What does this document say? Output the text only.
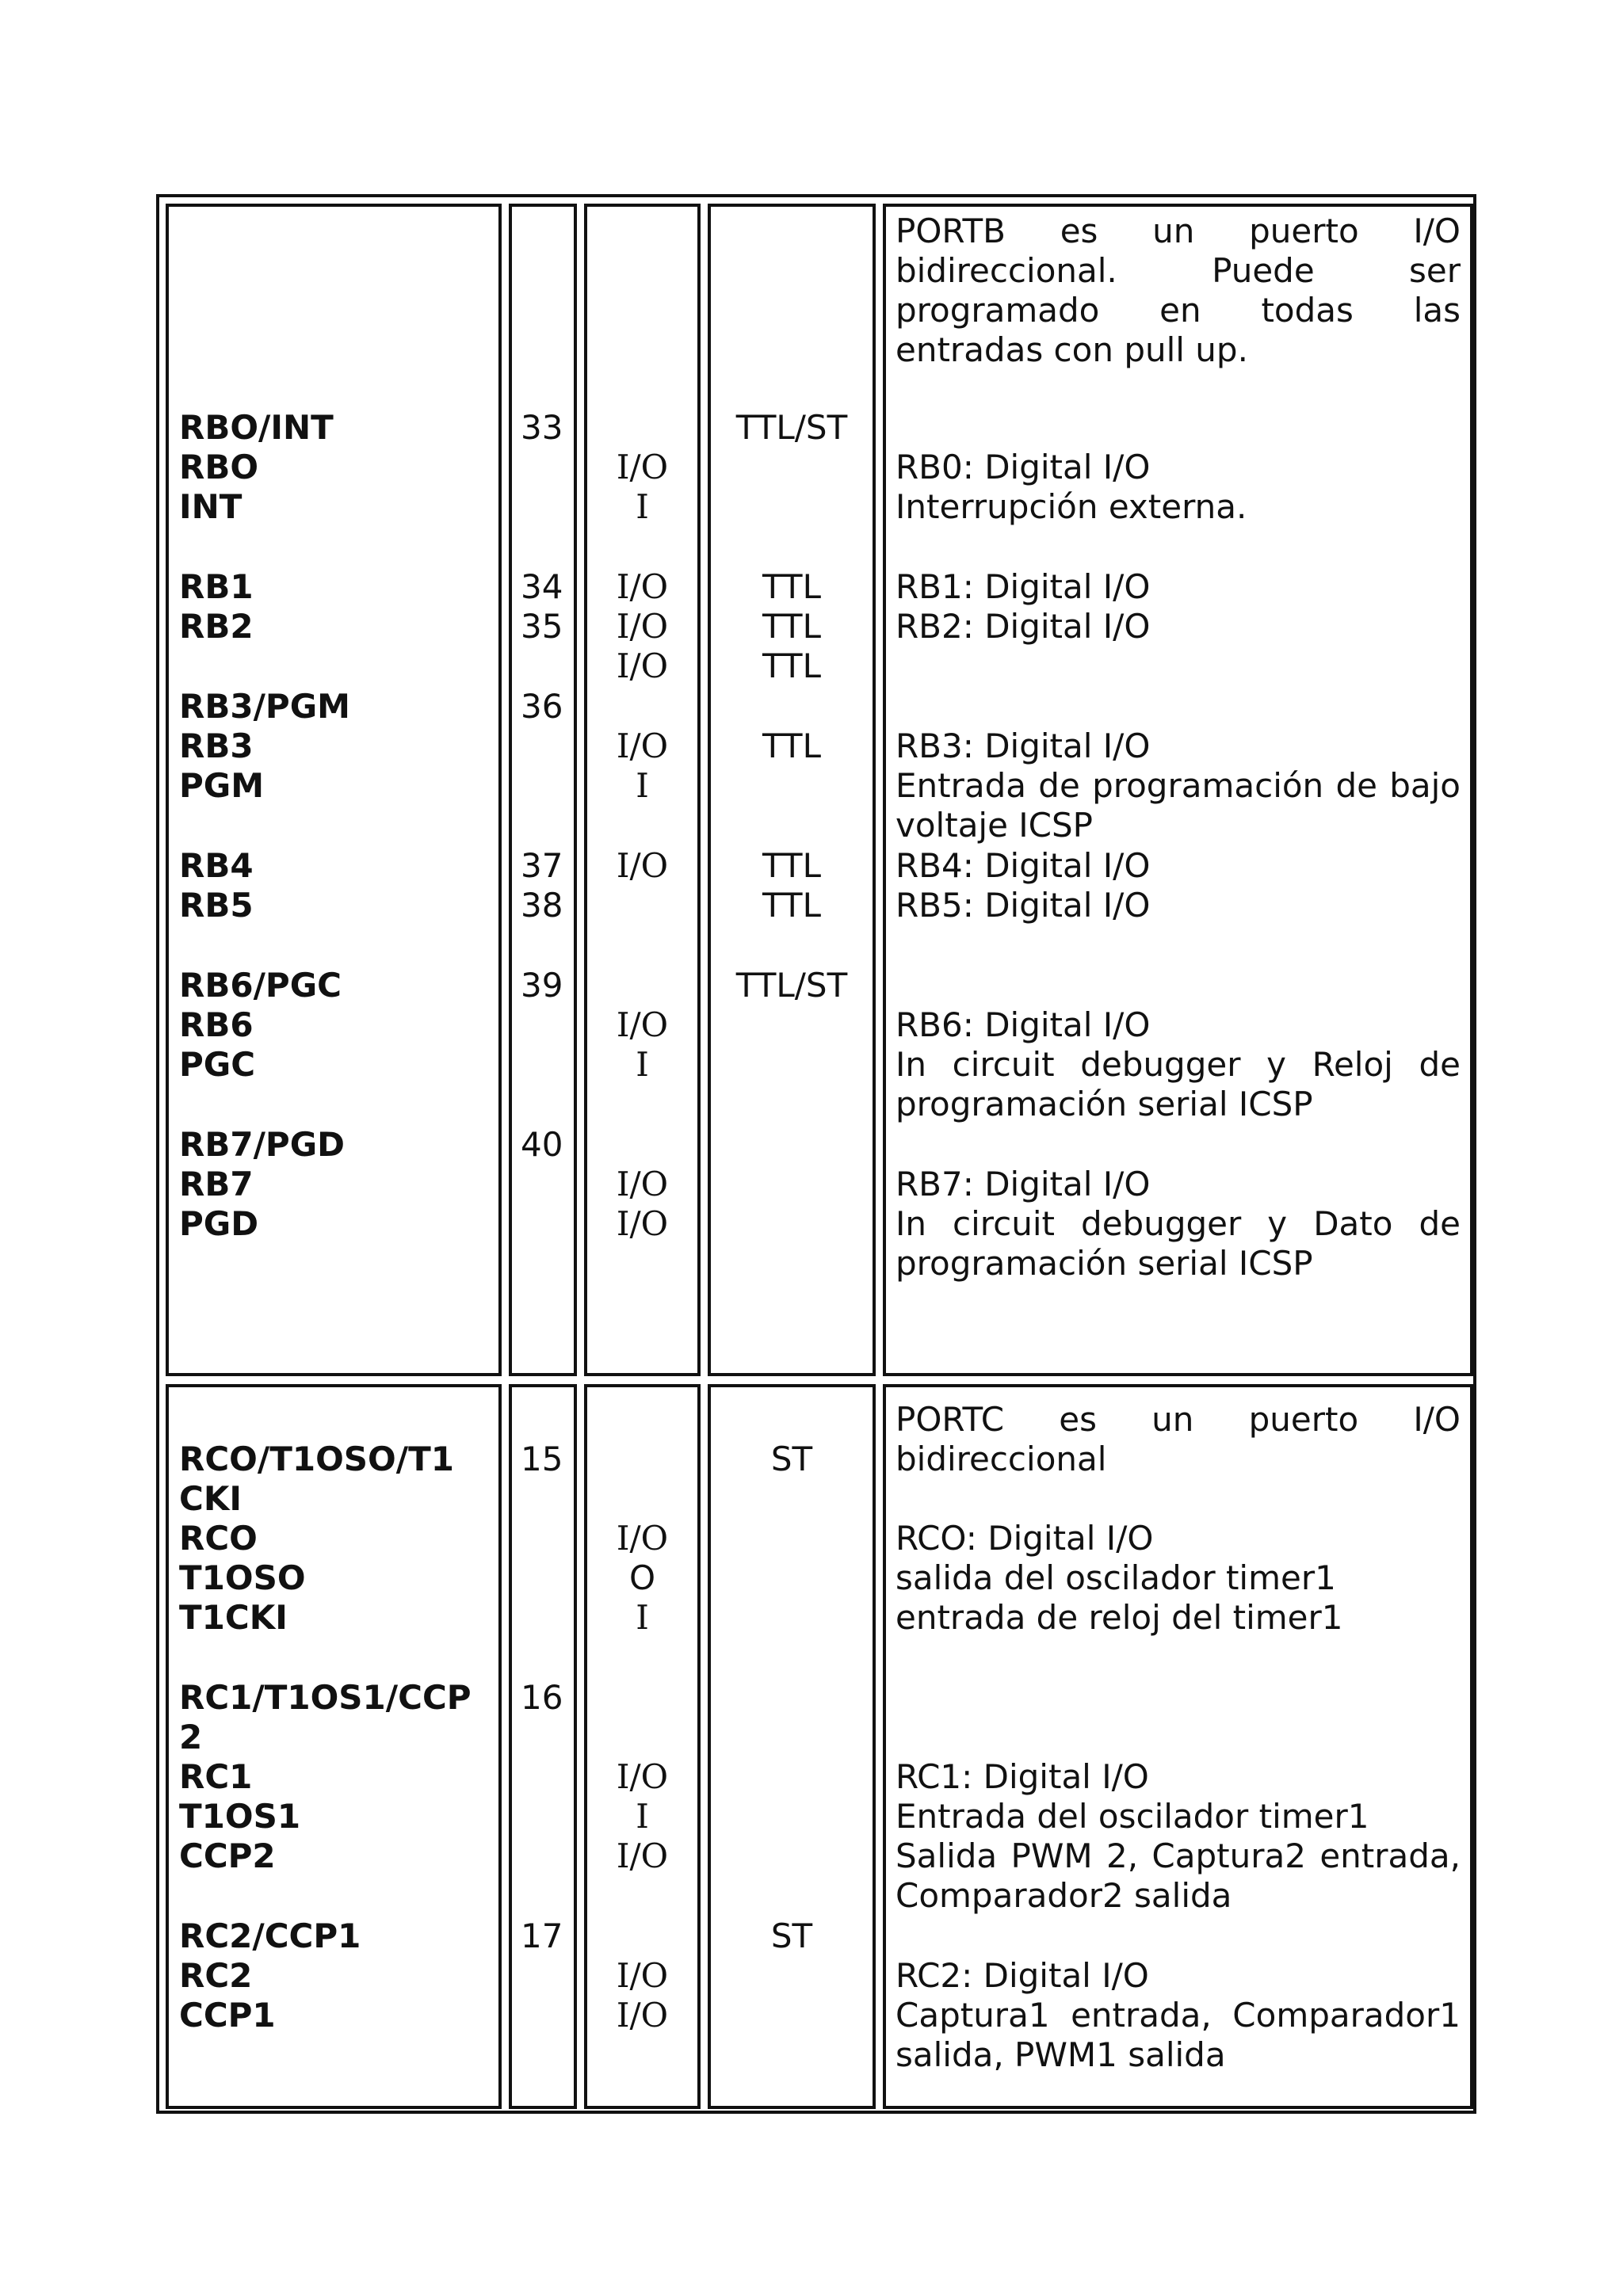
RBO/INT
RBO
INT
RB1
RB2
RB3/PGM
RB3
PGM
RB4
RB5
RB6/PGC
RB6
PGC
RB7/PGD
RB7
PGD
33
34
35
36
37
38
39
40
I/O
I
I/O
I/O
I/O
I/O
I
I/O
I/O
I
I/O
I/O
TTL/ST
TTL
TTL
TTL
TTL
TTL
TTL
TTL/ST
PORTB es un puerto I/O
bidireccional. Puede ser
programado en todas las
entradas con pull up.
RB0: Digital I/O
Interrupción externa.
RB1: Digital I/O
RB2: Digital I/O
RB3: Digital I/O
Entrada de programación de bajo
voltaje ICSP
RB4: Digital I/O
RB5: Digital I/O
RB6: Digital I/O
In circuit debugger y Reloj de
programación serial ICSP
RB7: Digital I/O
In circuit debugger y Dato de
programación serial ICSP
RCO/T1OSO/T1
CKI
RCO
T1OSO
T1CKI
RC1/T1OS1/CCP
2
RC1
T1OS1
CCP2
RC2/CCP1
RC2
CCP1
15
16
17
I/O
O
I
I/O
I
I/O
I/O
I/O
ST
ST
PORTC es un puerto I/O
bidireccional
RCO: Digital I/O
salida del oscilador timer1
entrada de reloj del timer1
RC1: Digital I/O
Entrada del oscilador timer1
Salida PWM 2, Captura2 entrada,
Comparador2 salida
RC2: Digital I/O
Captura1 entrada, Comparador1
salida, PWM1 salida
